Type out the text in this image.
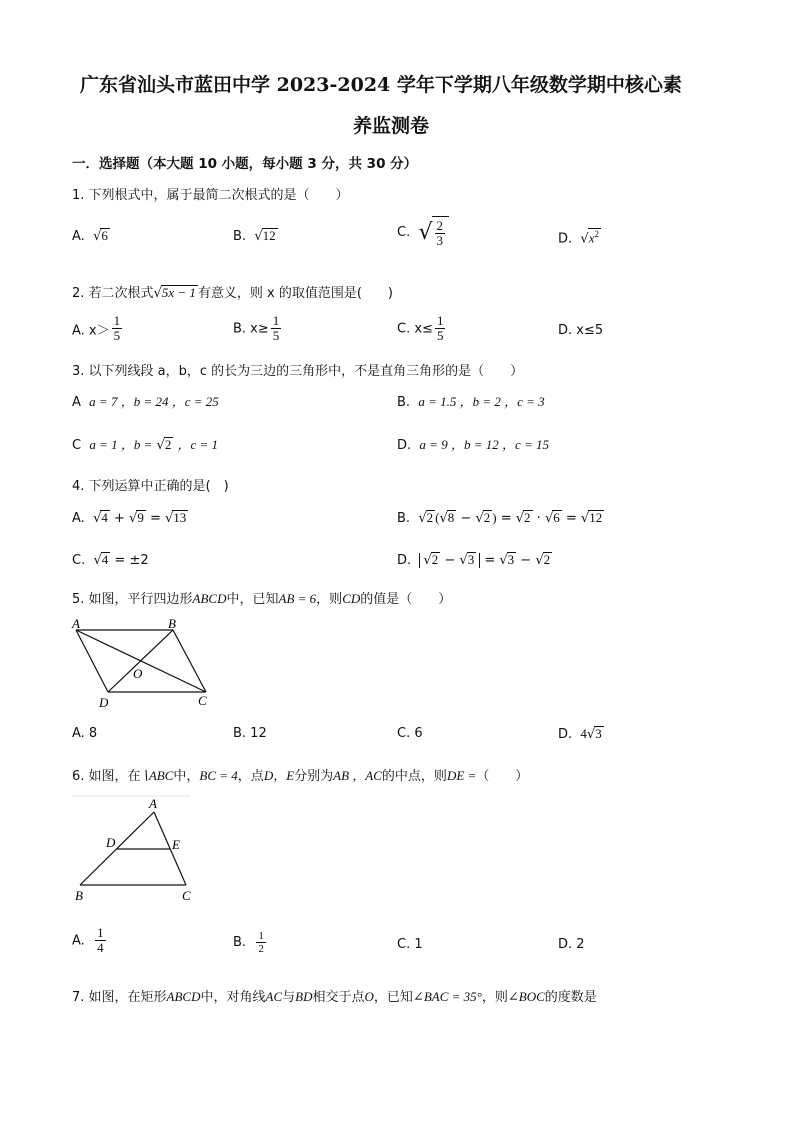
广东省汕头市蓝田中学 2023-2024 学年下学期八年级数学期中核心素
养监测卷
一．选择题（本大题 10 小题，每小题 3 分，共 30 分）
1. 下列根式中，属于最简二次根式的是（　　）
A. √6	B. √12	C. √ $\frac{2}{3}$	D. $√x^2$
2. 若二次根式√5x − 1 有意义，则 x 的取值范围是(　　)
A. $x> \frac{1}{5}$	B. $x\ge \frac{1}{5}$	C. $x\le \frac{1}{5}$	D. x≤5
3. 以下列线段 a，b，c 的长为三边的三角形中，不是直角三角形的是（　　）
A a = 7 ，b = 24 ，c = 25	B. a = 1.5 ，b = 2 ，c = 3
C a = 1 ，b = √2 ，c = 1	D. a = 9 ，b = 12 ，c = 15
4. 下列运算中正确的是(　)
A. √4 + √9 = √13	B. √2 (√8 − √2 ) = √2 · √6 = √12
C. √4 = ±2	D. √2 − √3 = √3 − √2
5. 如图，平行四边形ABCD中，已知AB = 6，则CD的值是（　　）
A	B
O
D	C
A. 8	B. 12	C. 6	D. 4√3
6. 如图，在∖ABC中，BC = 4，点D，E分别为AB ，AC的中点，则DE =（　　）
A
D	E
B	C
A. $\frac{1}{4}$	B. $\frac{1}{2}$	C. 1	D. 2
7. 如图，在矩形ABCD中，对角线AC与BD相交于点O，已知∠BAC = 35°，则∠BOC的度数是
